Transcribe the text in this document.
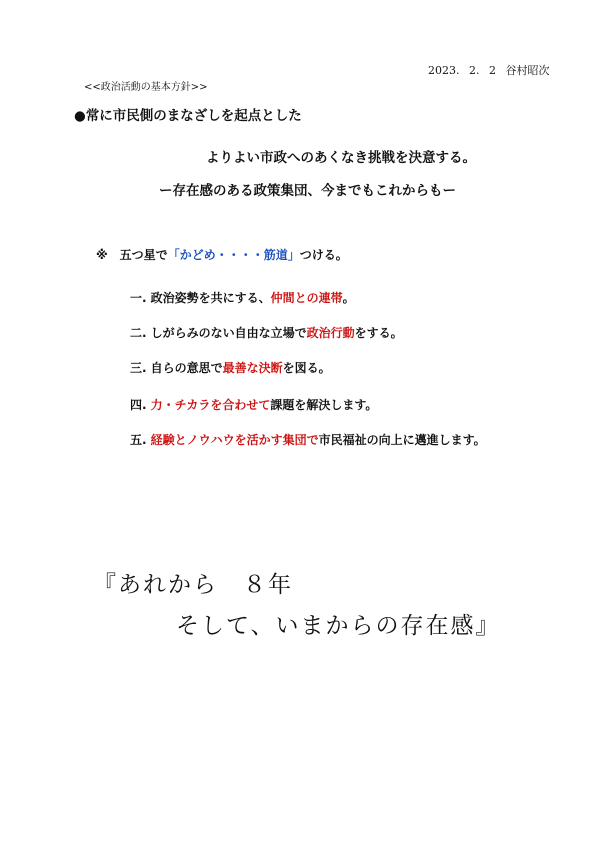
2023. 2. 2 谷村昭次
<<政治活動の基本方針>>
●常に市民側のまなざしを起点とした
よりよい市政へのあくなき挑戦を決意する。
ー存在感のある政策集団、今までもこれからもー
※ 五つ星で「かどめ・・・・筋道」つける。
一. 政治姿勢を共にする、仲間との連帯。
二. しがらみのない自由な立場で政治行動をする。
三. 自らの意思で最善な決断を図る。
四. 力・チカラを合わせて課題を解決します。
五. 経験とノウハウを活かす集団で市民福祉の向上に邁進します。
『あれから　８年
そして、いまからの存在感』
